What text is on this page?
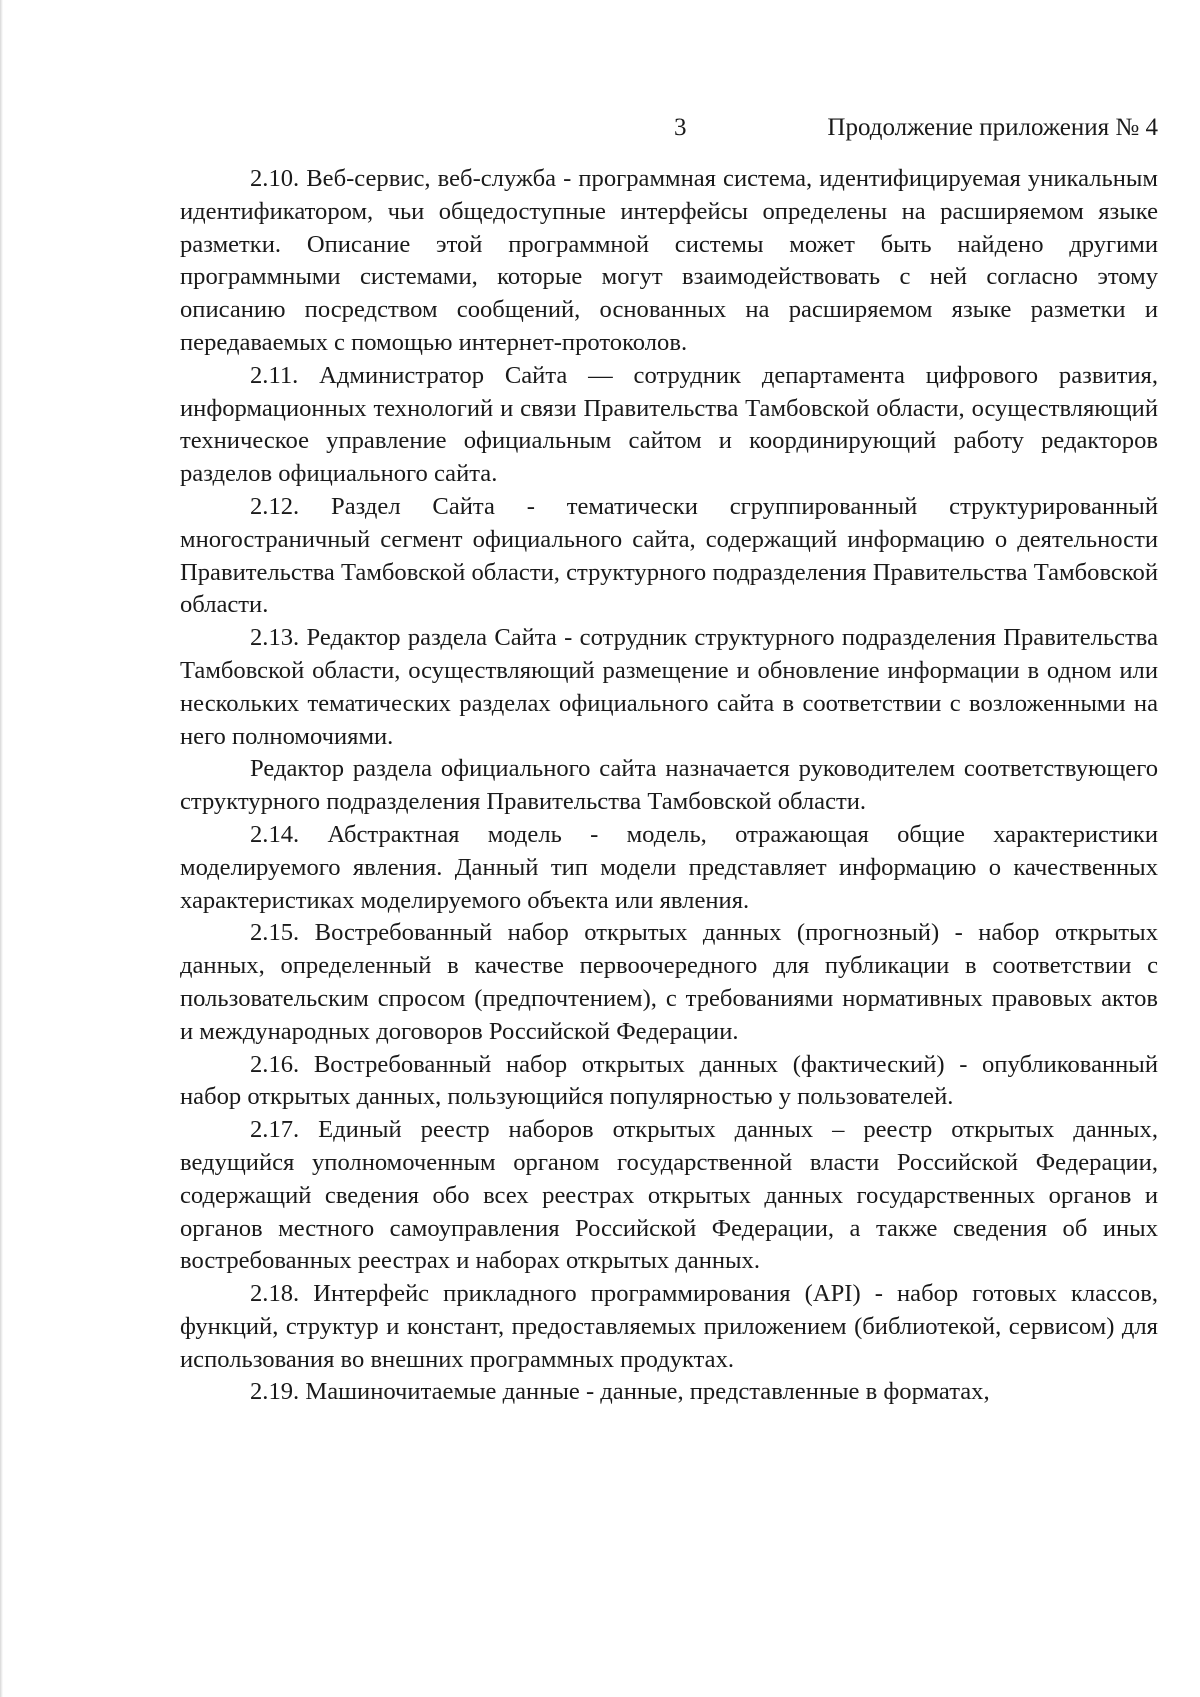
3	Продолжение приложения № 4

2.10. Веб-сервис, веб-служба - программная система, идентифицируемая уникальным идентификатором, чьи общедоступные интерфейсы определены на расширяемом языке разметки. Описание этой программной системы может быть найдено другими программными системами, которые могут взаимодействовать с ней согласно этому описанию посредством сообщений, основанных на расширяемом языке разметки и передаваемых с помощью интернет-протоколов.

2.11. Администратор Сайта — сотрудник департамента цифрового развития, информационных технологий и связи Правительства Тамбовской области, осуществляющий техническое управление официальным сайтом и координирующий работу редакторов разделов официального сайта.

2.12. Раздел Сайта - тематически сгруппированный структурированный многостраничный сегмент официального сайта, содержащий информацию о деятельности Правительства Тамбовской области, структурного подразделения Правительства Тамбовской области.

2.13. Редактор раздела Сайта - сотрудник структурного подразделения Правительства Тамбовской области, осуществляющий размещение и обновление информации в одном или нескольких тематических разделах официального сайта в соответствии с возложенными на него полномочиями.

Редактор раздела официального сайта назначается руководителем соответствующего структурного подразделения Правительства Тамбовской области.

2.14. Абстрактная модель - модель, отражающая общие характеристики моделируемого явления. Данный тип модели представляет информацию о качественных характеристиках моделируемого объекта или явления.

2.15. Востребованный набор открытых данных (прогнозный) - набор открытых данных, определенный в качестве первоочередного для публикации в соответствии с пользовательским спросом (предпочтением), с требованиями нормативных правовых актов и международных договоров Российской Федерации.

2.16. Востребованный набор открытых данных (фактический) - опубликованный набор открытых данных, пользующийся популярностью у пользователей.

2.17. Единый реестр наборов открытых данных – реестр открытых данных, ведущийся уполномоченным органом государственной власти Российской Федерации, содержащий сведения обо всех реестрах открытых данных государственных органов и органов местного самоуправления Российской Федерации, а также сведения об иных востребованных реестрах и наборах открытых данных.

2.18. Интерфейс прикладного программирования (API) - набор готовых классов, функций, структур и констант, предоставляемых приложением (библиотекой, сервисом) для использования во внешних программных продуктах.

2.19. Машиночитаемые данные - данные, представленные в форматах,
